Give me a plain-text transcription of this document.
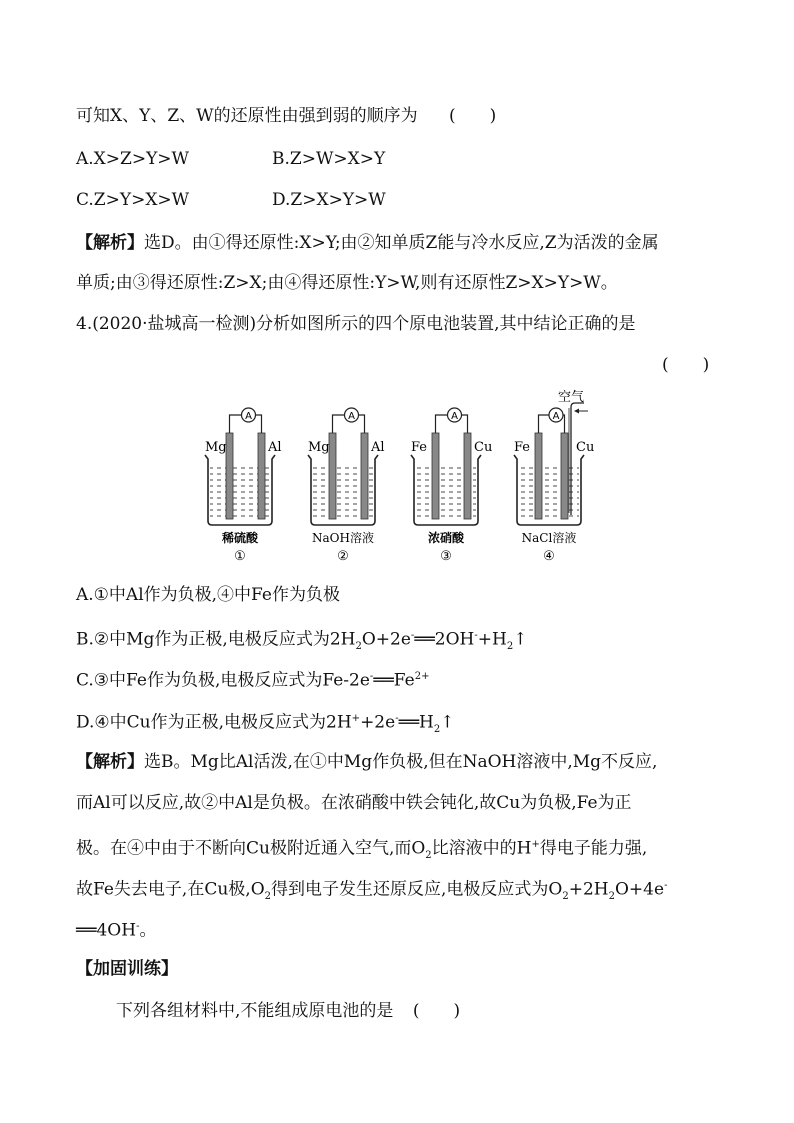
可知X、Y、Z、W的还原性由强到弱的顺序为 (　　)
A.X>Z>Y>W	B.Z>W>X>Y
C.Z>Y>X>W	D.Z>X>Y>W
【解析】选D。由①得还原性:X>Y;由②知单质Z能与冷水反应,Z为活泼的金属
单质;由③得还原性:Z>X;由④得还原性:Y>W,则有还原性Z>X>Y>W。
4.(2020·盐城高一检测)分析如图所示的四个原电池装置,其中结论正确的是
(　　)
A
Mg	Al
稀硫酸
①
A
Mg	Al
NaOH溶液
②
A
Fe	Cu
浓硝酸
③
A
空气
Fe	Cu
NaCl溶液
④
A.①中Al作为负极,④中Fe作为负极
B.②中Mg作为正极,电极反应式为$2H_2O+2e^-══2OH^-+H_2↑$
C.③中Fe作为负极,电极反应式为$Fe-2e^-══Fe^{2+}$
D.④中Cu作为正极,电极反应式为$2H^++2e^-══H_2↑$
【解析】选B。Mg比Al活泼,在①中Mg作负极,但在NaOH溶液中,Mg不反应,
而Al可以反应,故②中Al是负极。在浓硝酸中铁会钝化,故Cu为负极,Fe为正
极。在④中由于不断向Cu极附近通入空气,而$O_2$比溶液中的H+得电子能力强,
故Fe失去电子,在Cu极$,O_2$得到电子发生还原反应,电极反应式为$O_2+2H_2O+4e^-$
══4OH-。
【加固训练】
下列各组材料中,不能组成原电池的是 (　　)
